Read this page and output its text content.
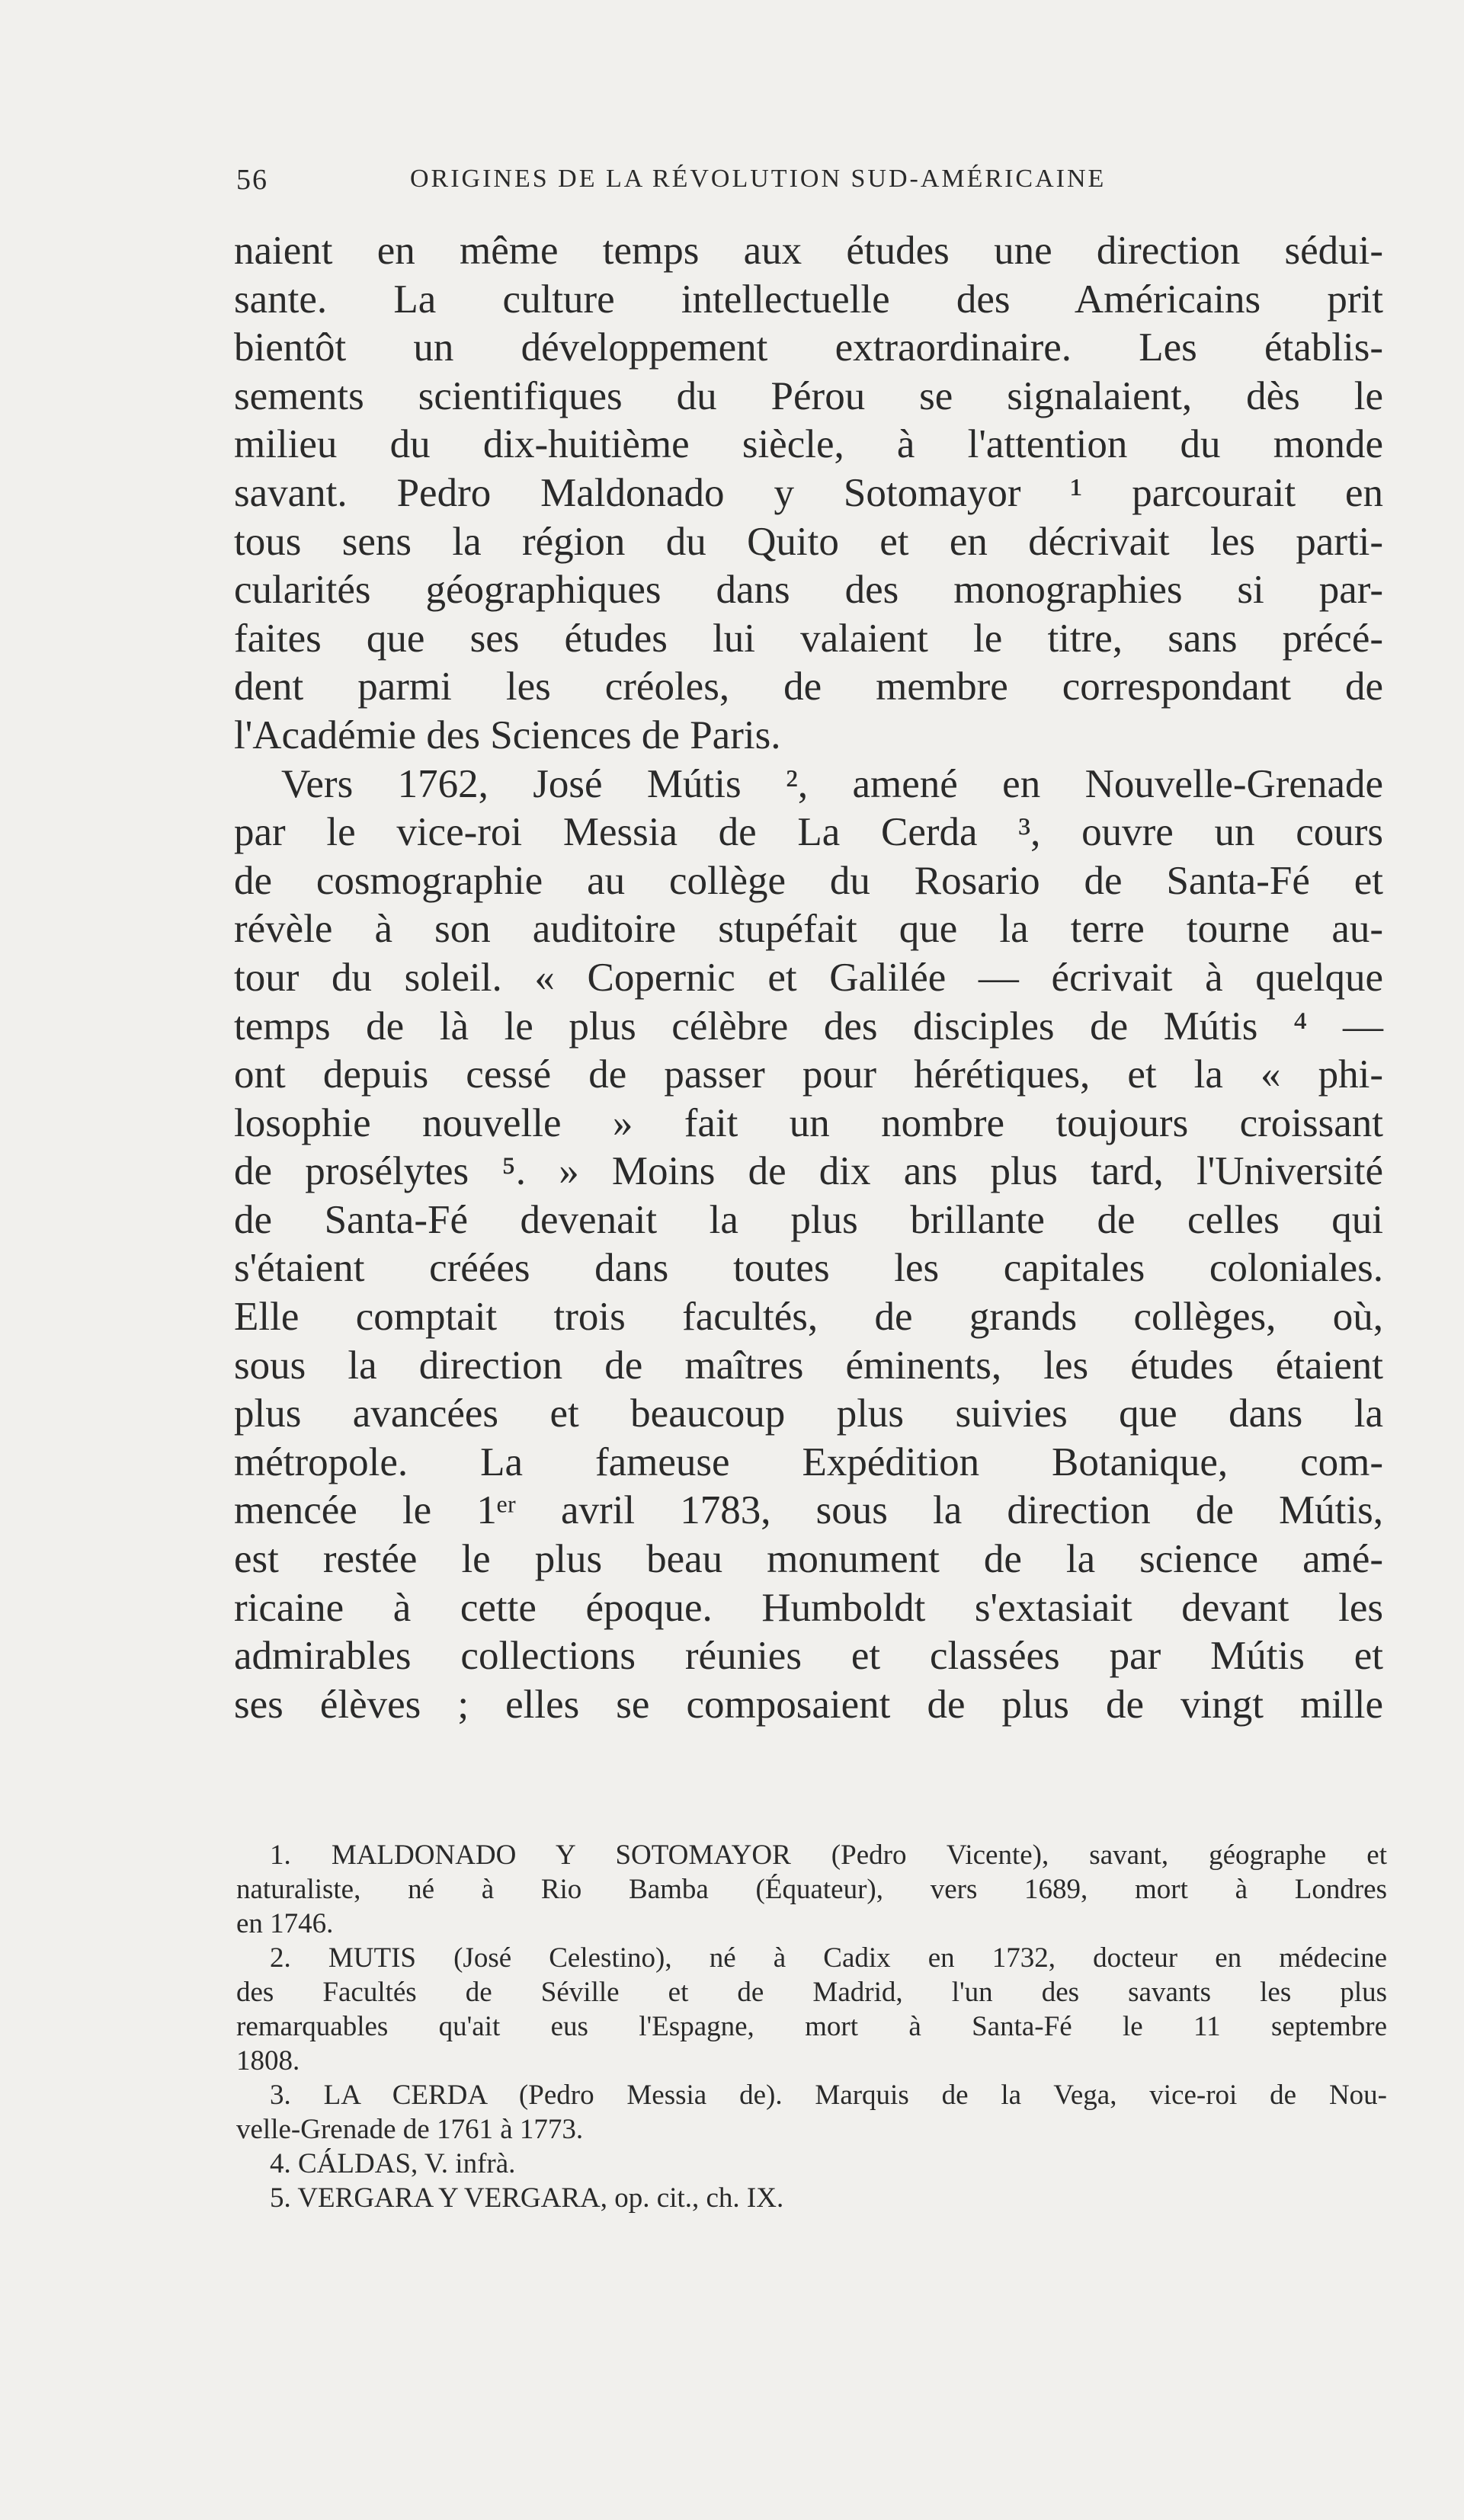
56	ORIGINES DE LA RÉVOLUTION SUD-AMÉRICAINE
naient en même temps aux études une direction sédui-
sante. La culture intellectuelle des Américains prit
bientôt un développement extraordinaire. Les établis-
sements scientifiques du Pérou se signalaient, dès le
milieu du dix-huitième siècle, à l'attention du monde
savant. Pedro Maldonado y Sotomayor ¹ parcourait en
tous sens la région du Quito et en décrivait les parti-
cularités géographiques dans des monographies si par-
faites que ses études lui valaient le titre, sans précé-
dent parmi les créoles, de membre correspondant de
l'Académie des Sciences de Paris.
Vers 1762, José Mútis ², amené en Nouvelle-Grenade
par le vice-roi Messia de La Cerda ³, ouvre un cours
de cosmographie au collège du Rosario de Santa-Fé et
révèle à son auditoire stupéfait que la terre tourne au-
tour du soleil. « Copernic et Galilée — écrivait à quelque
temps de là le plus célèbre des disciples de Mútis ⁴ —
ont depuis cessé de passer pour hérétiques, et la « phi-
losophie nouvelle » fait un nombre toujours croissant
de prosélytes ⁵. » Moins de dix ans plus tard, l'Université
de Santa-Fé devenait la plus brillante de celles qui
s'étaient créées dans toutes les capitales coloniales.
Elle comptait trois facultés, de grands collèges, où,
sous la direction de maîtres éminents, les études étaient
plus avancées et beaucoup plus suivies que dans la
métropole. La fameuse Expédition Botanique, com-
mencée le 1ᵉʳ avril 1783, sous la direction de Mútis,
est restée le plus beau monument de la science amé-
ricaine à cette époque. Humboldt s'extasiait devant les
admirables collections réunies et classées par Mútis et
ses élèves ; elles se composaient de plus de vingt mille
1. MALDONADO Y SOTOMAYOR (Pedro Vicente), savant, géographe et
naturaliste, né à Rio Bamba (Équateur), vers 1689, mort à Londres
en 1746.
2. MUTIS (José Celestino), né à Cadix en 1732, docteur en médecine
des Facultés de Séville et de Madrid, l'un des savants les plus
remarquables qu'ait eus l'Espagne, mort à Santa-Fé le 11 septembre
1808.
3. LA CERDA (Pedro Messia de). Marquis de la Vega, vice-roi de Nou-
velle-Grenade de 1761 à 1773.
4. CÁLDAS, V. infrà.
5. VERGARA Y VERGARA, op. cit., ch. IX.
